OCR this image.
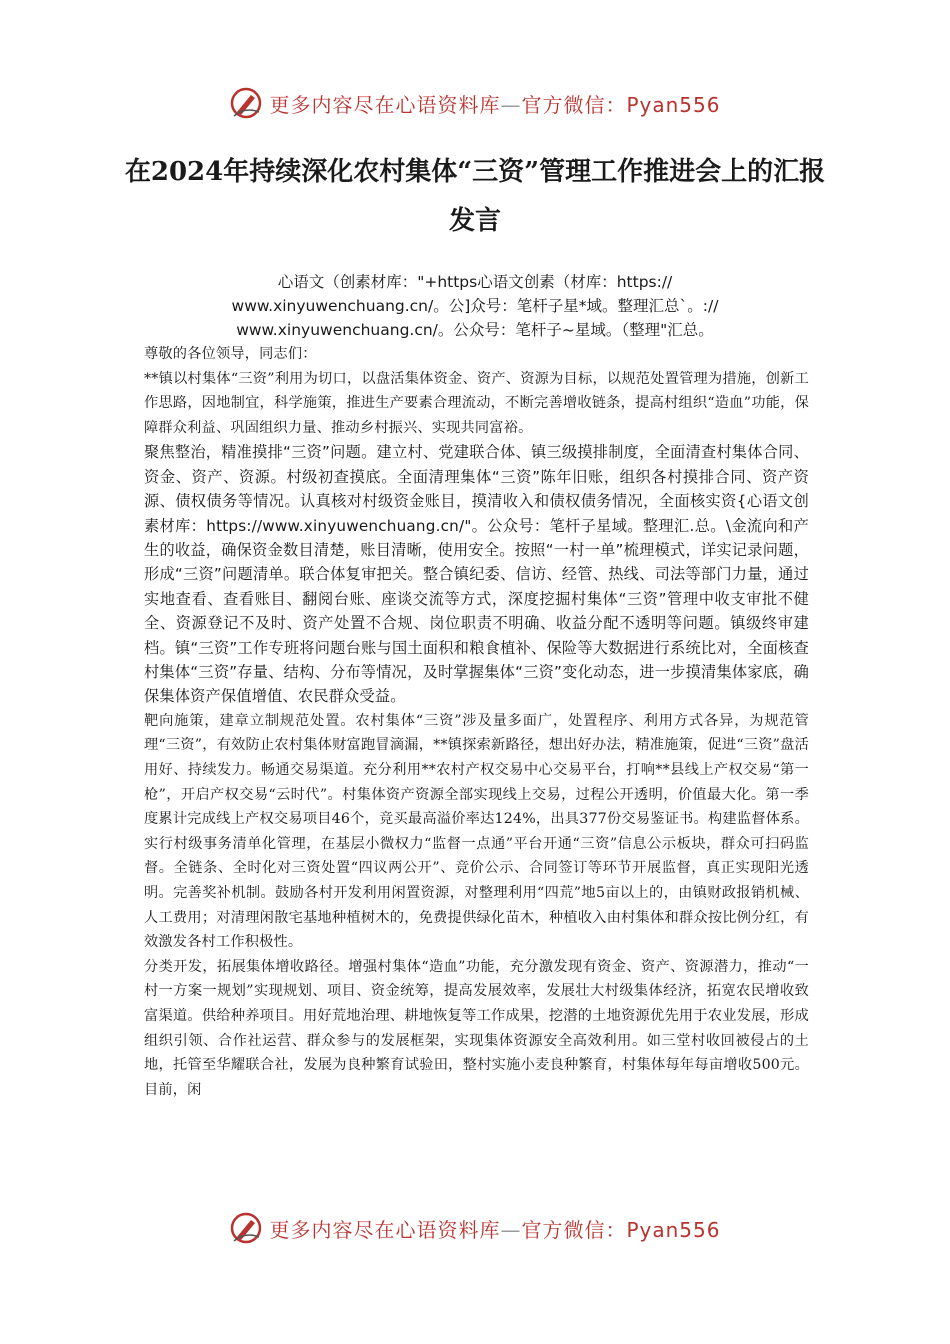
更多内容尽在心语资料库—官方微信：Pyan556
在2024年持续深化农村集体“三资”管理工作推进会上的汇报发言
心语文（创素材库："+https心语文创素（材库：https://
www.xinyuwenchuang.cn/。公]众号：笔杆子星*域。整理汇总`。://
www.xinyuwenchuang.cn/。公众号：笔杆子~星域。（整理"汇总。

尊敬的各位领导，同志们：

**镇以村集体“三资”利用为切口，以盘活集体资金、资产、资源为目标，以规范处置管理为措施，创新工作思路，因地制宜，科学施策，推进生产要素合理流动，不断完善增收链条，提高村组织“造血”功能，保障群众利益、巩固组织力量、推动乡村振兴、实现共同富裕。

聚焦整治，精准摸排“三资”问题。建立村、党建联合体、镇三级摸排制度，全面清查村集体合同、资金、资产、资源。村级初查摸底。全面清理集体“三资”陈年旧账，组织各村摸排合同、资产资源、债权债务等情况。认真核对村级资金账目，摸清收入和债权债务情况，全面核实资{心语文创素材库：https://www.xinyuwenchuang.cn/"。公众号：笔杆子星域。整理汇.总。\金流向和产生的收益，确保资金数目清楚，账目清晰，使用安全。按照“一村一单”梳理模式，详实记录问题，形成“三资”问题清单。联合体复审把关。整合镇纪委、信访、经管、热线、司法等部门力量，通过实地查看、查看账目、翻阅台账、座谈交流等方式，深度挖掘村集体“三资”管理中收支审批不健全、资源登记不及时、资产处置不合规、岗位职责不明确、收益分配不透明等问题。镇级终审建档。镇“三资”工作专班将问题台账与国土面积和粮食植补、保险等大数据进行系统比对，全面核查村集体“三资”存量、结构、分布等情况，及时掌握集体“三资”变化动态，进一步摸清集体家底，确保集体资产保值增值、农民群众受益。

靶向施策，建章立制规范处置。农村集体“三资”涉及量多面广，处置程序、利用方式各异，为规范管理“三资”，有效防止农村集体财富跑冒滴漏，**镇探索新路径，想出好办法，精准施策，促进“三资”盘活用好、持续发力。畅通交易渠道。充分利用**农村产权交易中心交易平台，打响**县线上产权交易“第一枪”，开启产权交易“云时代”。村集体资产资源全部实现线上交易，过程公开透明，价值最大化。第一季度累计完成线上产权交易项目46个，竞买最高溢价率达124%，出具377份交易鉴证书。构建监督体系。实行村级事务清单化管理，在基层小微权力“监督一点通”平台开通“三资”信息公示板块，群众可扫码监督。全链条、全时化对三资处置“四议两公开”、竞价公示、合同签订等环节开展监督，真正实现阳光透明。完善奖补机制。鼓励各村开发利用闲置资源，对整理利用“四荒”地5亩以上的，由镇财政报销机械、人工费用；对清理闲散宅基地种植树木的，免费提供绿化苗木，种植收入由村集体和群众按比例分红，有效激发各村工作积极性。

分类开发，拓展集体增收路径。增强村集体“造血”功能，充分激发现有资金、资产、资源潜力，推动“一村一方案一规划”实现规划、项目、资金统筹，提高发展效率，发展壮大村级集体经济，拓宽农民增收致富渠道。供给种养项目。用好荒地治理、耕地恢复等工作成果，挖潜的土地资源优先用于农业发展，形成组织引领、合作社运营、群众参与的发展框架，实现集体资源安全高效利用。如三堂村收回被侵占的土地，托管至华耀联合社，发展为良种繁育试验田，整村实施小麦良种繁育，村集体每年每亩增收500元。目前，闲

更多内容尽在心语资料库—官方微信：Pyan556
